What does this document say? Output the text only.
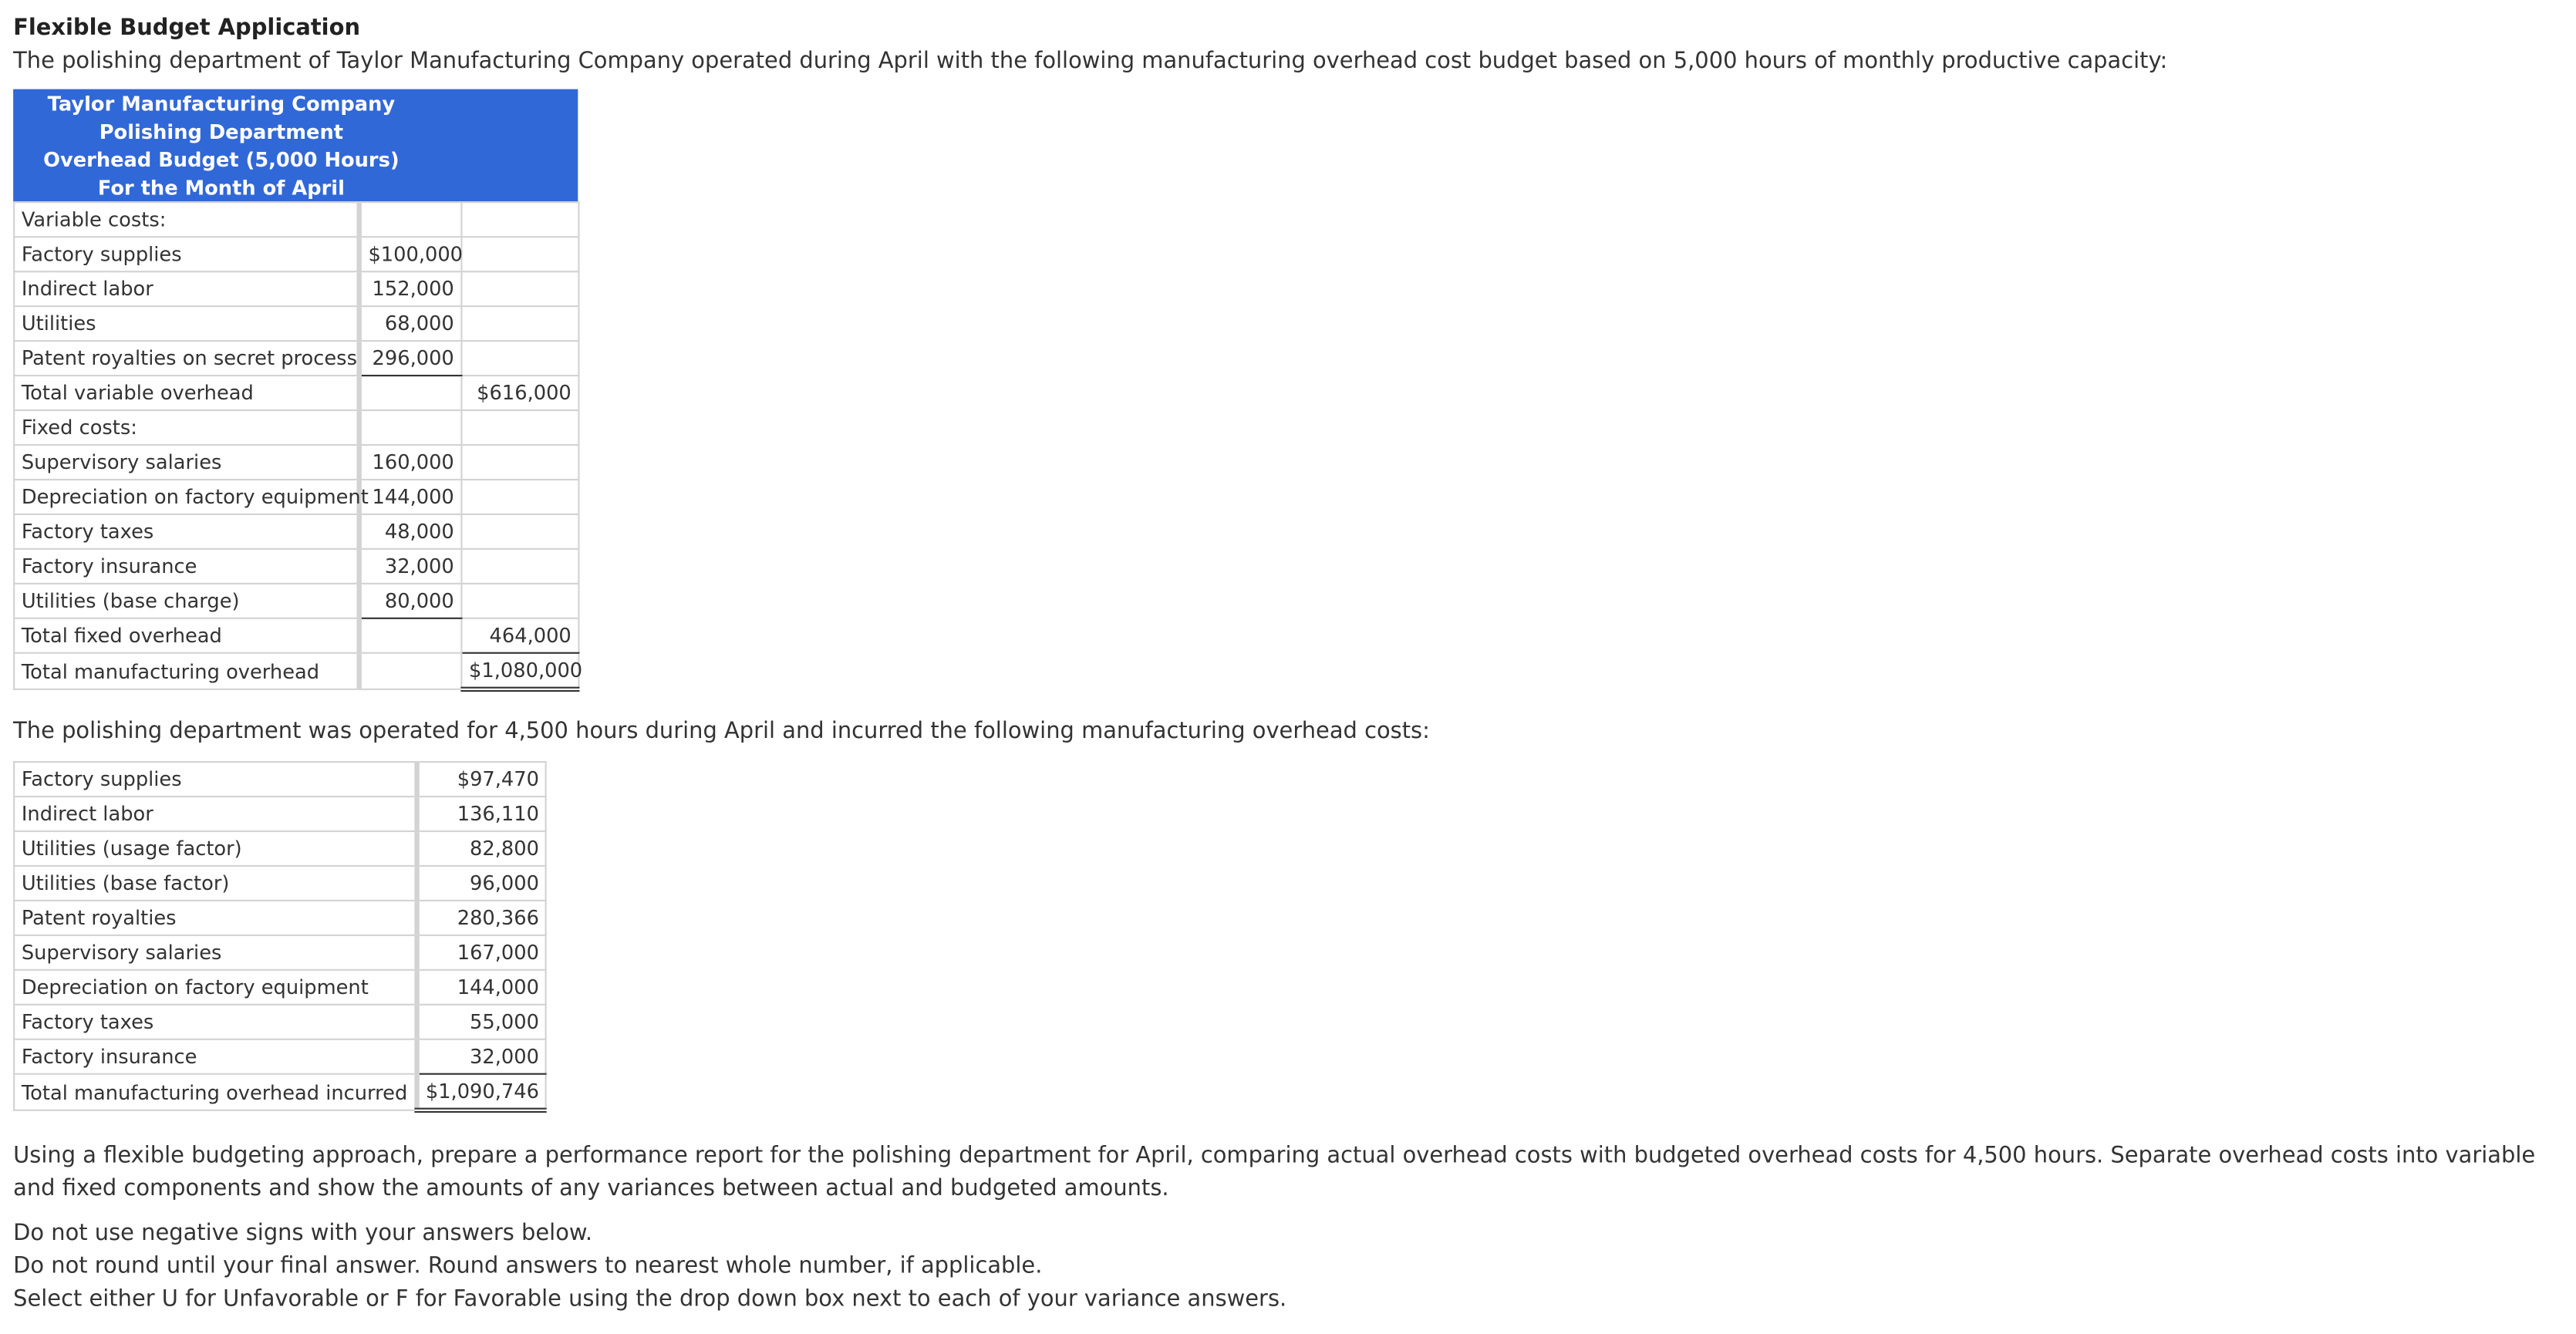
Flexible Budget Application
The polishing department of Taylor Manufacturing Company operated during April with the following manufacturing overhead cost budget based on 5,000 hours of monthly productive capacity:
Taylor Manufacturing Company
Polishing Department
Overhead Budget (5,000 Hours)
For the Month of April
Variable costs:		
Factory supplies	$100,000	
Indirect labor	152,000	
Utilities	68,000	
Patent royalties on secret process	296,000	
Total variable overhead		$616,000
Fixed costs:		
Supervisory salaries	160,000	
Depreciation on factory equipment	144,000	
Factory taxes	48,000	
Factory insurance	32,000	
Utilities (base charge)	80,000	
Total fixed overhead		464,000
Total manufacturing overhead		$1,080,000
The polishing department was operated for 4,500 hours during April and incurred the following manufacturing overhead costs:
Factory supplies	$97,470
Indirect labor	136,110
Utilities (usage factor)	82,800
Utilities (base factor)	96,000
Patent royalties	280,366
Supervisory salaries	167,000
Depreciation on factory equipment	144,000
Factory taxes	55,000
Factory insurance	32,000
Total manufacturing overhead incurred	$1,090,746
Using a flexible budgeting approach, prepare a performance report for the polishing department for April, comparing actual overhead costs with budgeted overhead costs for 4,500 hours. Separate overhead costs into variable and fixed components and show the amounts of any variances between actual and budgeted amounts.
Do not use negative signs with your answers below.
Do not round until your final answer. Round answers to nearest whole number, if applicable.
Select either U for Unfavorable or F for Favorable using the drop down box next to each of your variance answers.
